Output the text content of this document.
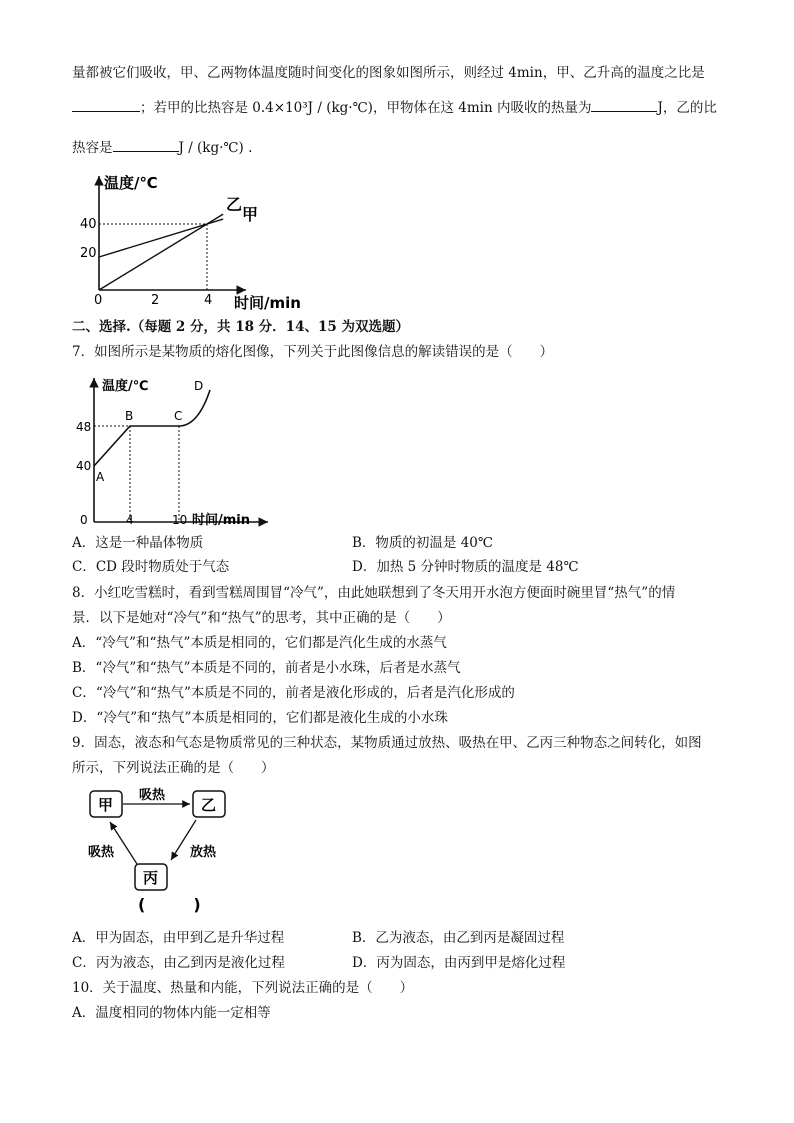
量都被它们吸收，甲、乙两物体温度随时间变化的图象如图所示，则经过 4min，甲、乙升高的温度之比是
；若甲的比热容是 0.4×10³J / (kg·℃)，甲物体在这 4min 内吸收的热量为	J，乙的比
热容是	J / (kg·℃) .
温度/℃
时间/min
40
20
0	2	4
乙
甲
二、选择.（每题 2 分，共 18 分．14、15 为双选题）
7．如图所示是某物质的熔化图像，下列关于此图像信息的解读错误的是（　　）
温度/℃
时间/min
48
40
0	4	10
A
B	C
D
A．这是一种晶体物质	B．物质的初温是 40℃
C．CD 段时物质处于气态	D．加热 5 分钟时物质的温度是 48℃
8．小红吃雪糕时，看到雪糕周围冒“冷气”，由此她联想到了冬天用开水泡方便面时碗里冒“热气”的情
景．以下是她对“冷气”和“热气”的思考，其中正确的是（　　）
A．“冷气”和“热气”本质是相同的，它们都是汽化生成的水蒸气
B．“冷气”和“热气”本质是不同的，前者是小水珠，后者是水蒸气
C．“冷气”和“热气”本质是不同的，前者是液化形成的，后者是汽化形成的
D．“冷气”和“热气”本质是相同的，它们都是液化生成的小水珠
9．固态，液态和气态是物质常见的三种状态，某物质通过放热、吸热在甲、乙丙三种物态之间转化，如图
所示，下列说法正确的是（　　）
甲	乙
丙
吸热
吸热	放热
(　　　)
A．甲为固态，由甲到乙是升华过程	B．乙为液态，由乙到丙是凝固过程
C．丙为液态，由乙到丙是液化过程	D．丙为固态，由丙到甲是熔化过程
10．关于温度、热量和内能，下列说法正确的是（　　）
A．温度相同的物体内能一定相等
